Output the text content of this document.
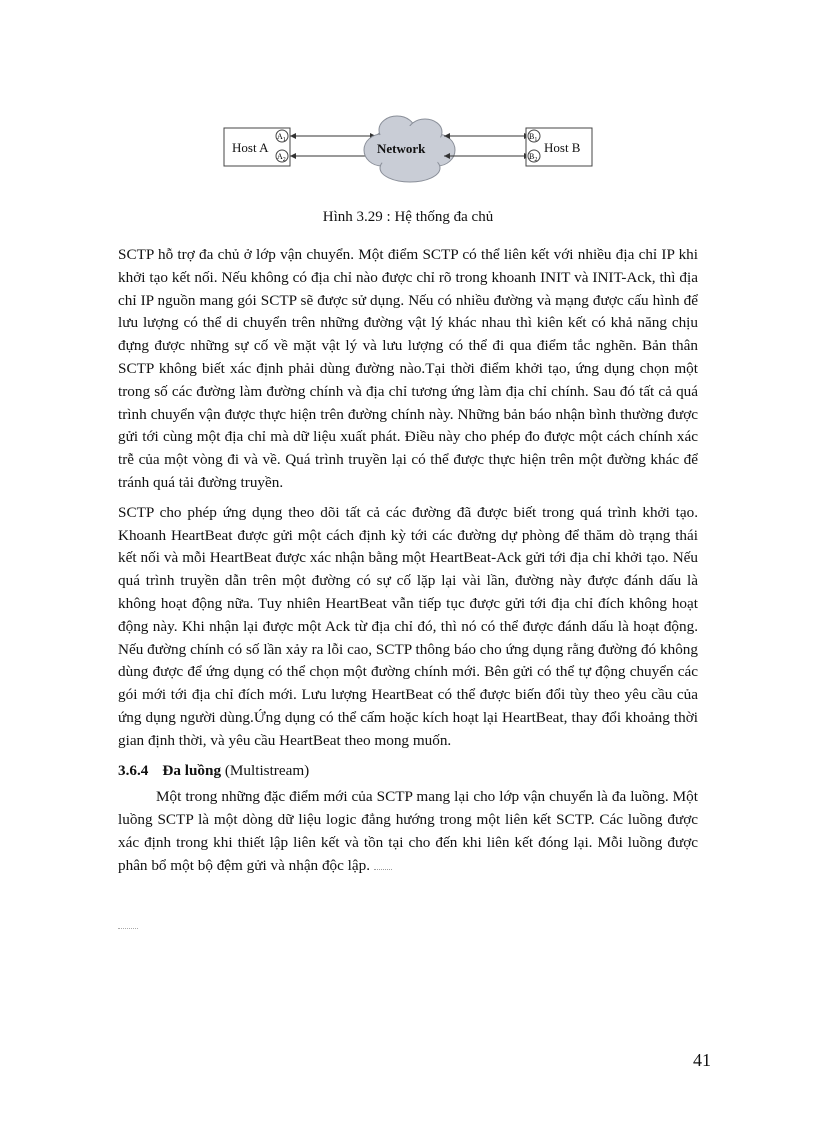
Host A
$A_1$
$A_2$
Network	Host B
$B_1$
$B_2$
Hình 3.29 : Hệ thống đa chủ

SCTP hỗ trợ đa chủ ở lớp vận chuyển. Một điểm SCTP có thể liên kết với nhiều địa chỉ IP khi khởi tạo kết nối. Nếu không có địa chỉ nào được chỉ rõ trong khoanh INIT và INIT-Ack, thì địa chỉ IP nguồn mang gói SCTP sẽ được sử dụng. Nếu có nhiều đường và mạng được cấu hình để lưu lượng có thể di chuyển trên những đường vật lý khác nhau thì kiên kết có khả năng chịu đựng được những sự cố về mặt vật lý và lưu lượng có thể đi qua điểm tắc nghẽn. Bản thân SCTP không biết xác định phải dùng đường nào.Tại thời điểm khởi tạo, ứng dụng chọn một trong số các đường làm đường chính và địa chỉ tương ứng làm địa chỉ chính. Sau đó tất cả quá trình chuyển vận được thực hiện trên đường chính này. Những bản báo nhận bình thường được gửi tới cùng một địa chỉ mà dữ liệu xuất phát. Điều này cho phép đo được một cách chính xác trễ của một vòng đi và về. Quá trình truyền lại có thể được thực hiện trên một đường khác để tránh quá tải đường truyền.

SCTP cho phép ứng dụng theo dõi tất cả các đường đã được biết trong quá trình khởi tạo. Khoanh HeartBeat được gửi một cách định kỳ tới các đường dự phòng để thăm dò trạng thái kết nối và mỗi HeartBeat được xác nhận bằng một HeartBeat-Ack gửi tới địa chỉ khởi tạo. Nếu quá trình truyền dẫn trên một đường có sự cố lặp lại vài lần, đường này được đánh dấu là không hoạt động nữa. Tuy nhiên HeartBeat vẫn tiếp tục được gửi tới địa chỉ đích không hoạt động này. Khi nhận lại được một Ack từ địa chỉ đó, thì nó có thể được đánh dấu là hoạt động. Nếu đường chính có số lần xảy ra lỗi cao, SCTP thông báo cho ứng dụng rằng đường đó không dùng được để ứng dụng có thể chọn một đường chính mới. Bên gửi có thể tự động chuyển các gói mới tới địa chỉ đích mới. Lưu lượng HeartBeat có thể được biến đổi tùy theo yêu cầu của ứng dụng người dùng.Ứng dụng có thể cấm hoặc kích hoạt lại HeartBeat, thay đổi khoảng thời gian định thời, và yêu cầu HeartBeat theo mong muốn.

3.6.4 Đa luồng (Multistream)

Một trong những đặc điểm mới của SCTP mang lại cho lớp vận chuyển là đa luồng. Một luồng SCTP là một dòng dữ liệu logic đẳng hướng trong một liên kết SCTP. Các luồng được xác định trong khi thiết lập liên kết và tồn tại cho đến khi liên kết đóng lại. Mỗi luồng được phân bổ một bộ đệm gửi và nhận độc lập.

41
